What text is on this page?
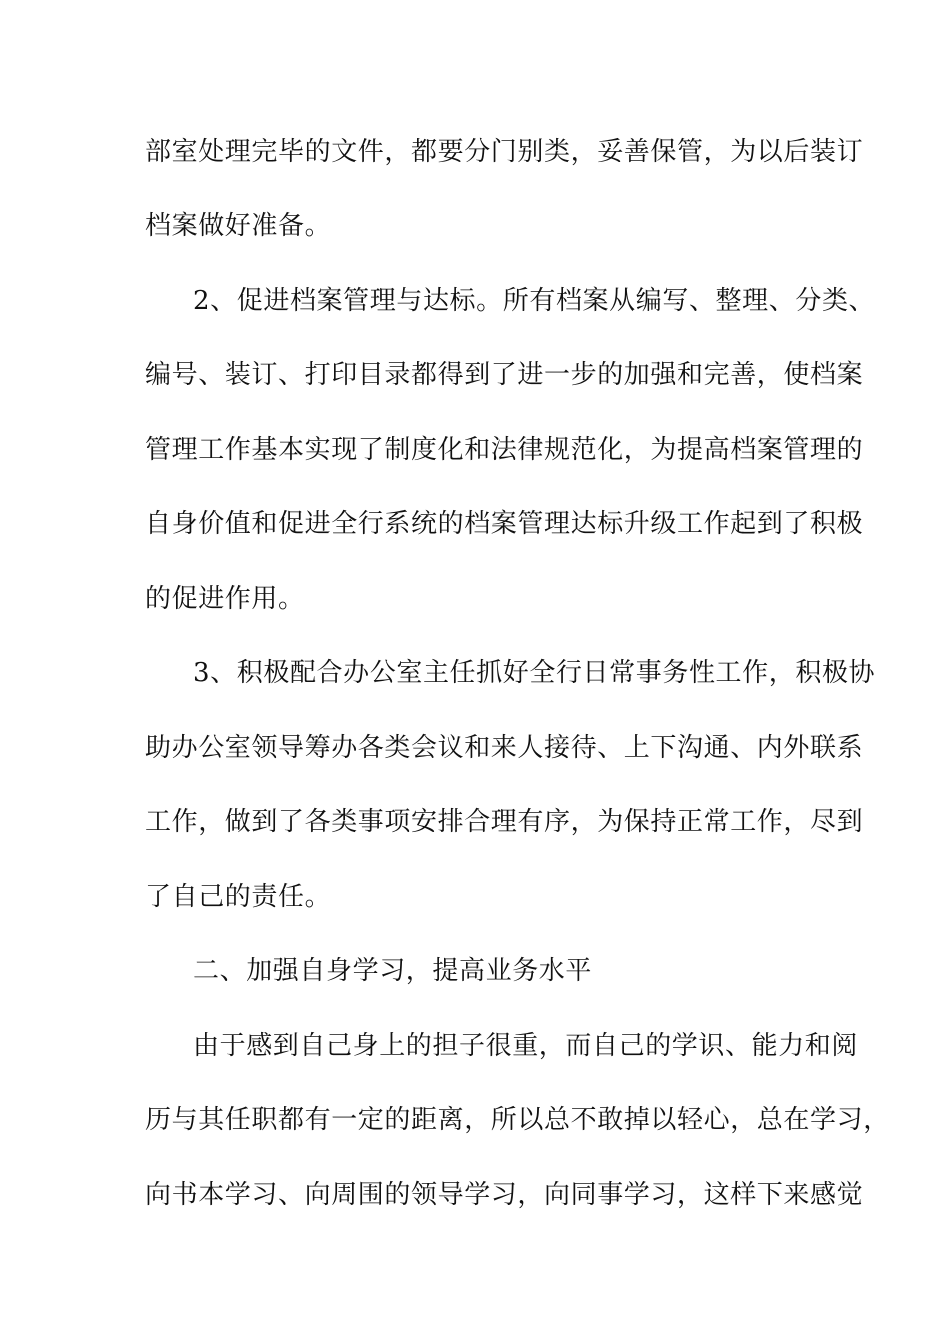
部室处理完毕的文件，都要分门别类，妥善保管，为以后装订
档案做好准备。
2、促进档案管理与达标。所有档案从编写、整理、分类、
编号、装订、打印目录都得到了进一步的加强和完善，使档案
管理工作基本实现了制度化和法律规范化，为提高档案管理的
自身价值和促进全行系统的档案管理达标升级工作起到了积极
的促进作用。
3、积极配合办公室主任抓好全行日常事务性工作，积极协
助办公室领导筹办各类会议和来人接待、上下沟通、内外联系
工作，做到了各类事项安排合理有序，为保持正常工作，尽到
了自己的责任。
二、加强自身学习，提高业务水平
由于感到自己身上的担子很重，而自己的学识、能力和阅
历与其任职都有一定的距离，所以总不敢掉以轻心，总在学习，
向书本学习、向周围的领导学习，向同事学习，这样下来感觉
